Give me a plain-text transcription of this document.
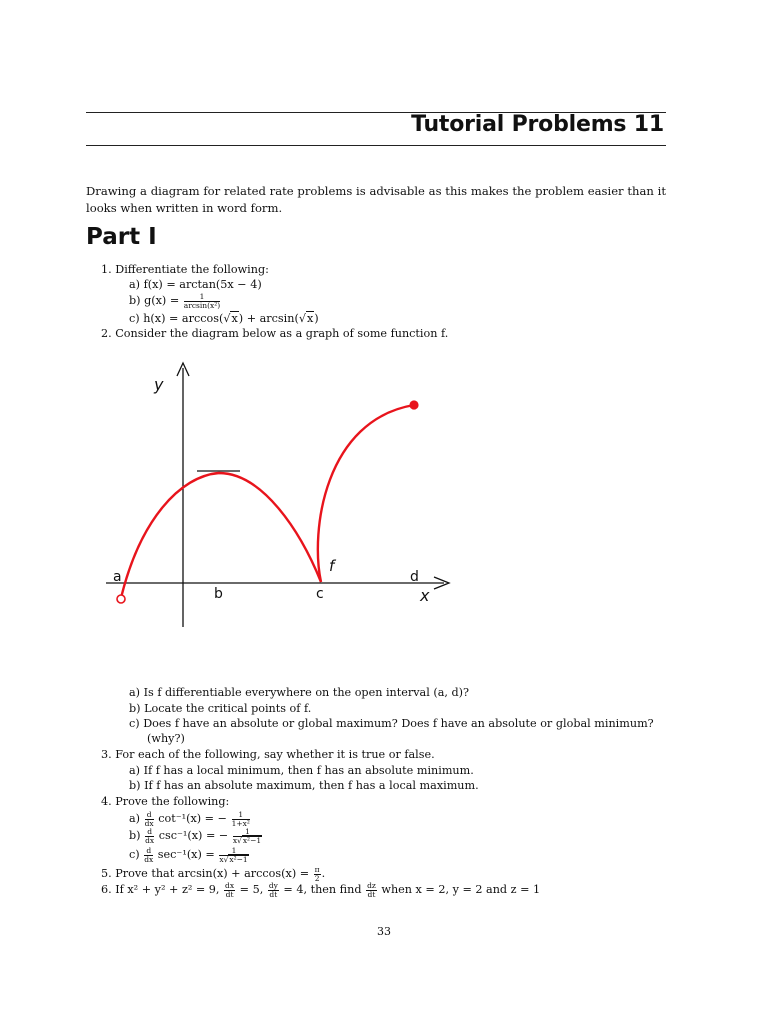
Tutorial Problems 11
Drawing a diagram for related rate problems is advisable as this makes the problem easier than it looks when written in word form.
Part I
1. Differentiate the following:
a) f(x) = arctan(5x − 4)
b) $g(x) = \frac{1}{\text{arcsin(x²)}}$
c) h(x) = arccos(√x) + arcsin(√x)
2. Consider the diagram below as a graph of some function f.
y
x
f
a
b	c
d
a) Is f differentiable everywhere on the open interval (a, d)?
b) Locate the critical points of f.
c) Does f have an absolute or global maximum? Does f have an absolute or global minimum?
(why?)
3. For each of the following, say whether it is true or false.
a) If f has a local minimum, then f has an absolute minimum.
b) If f has an absolute maximum, then f has a local maximum.
4. Prove the following:
$a) \frac{d}{dx} \cot^{-1}(x)$ = − $\frac{1}{\text{1+x²}}$
$b) \frac{d}{dx} \csc^{-1}(x)$ = − $\frac{1}{\text{x√x²−1}}$
$c) \frac{d}{dx} \sec^{-1}(x) = \frac{1}{\text{x√x²−1}}$
5. Prove that $\arcsin(x) + \arccos(x) = \frac{\pi}{2}$ .
6. If x² + y² + z² = 9, $\frac{dx}{dt} = 5$, $\frac{dy}{dt} = 4$, then find $\frac{dz}{dt}$ when x = 2, y = 2 and z = 1
33
